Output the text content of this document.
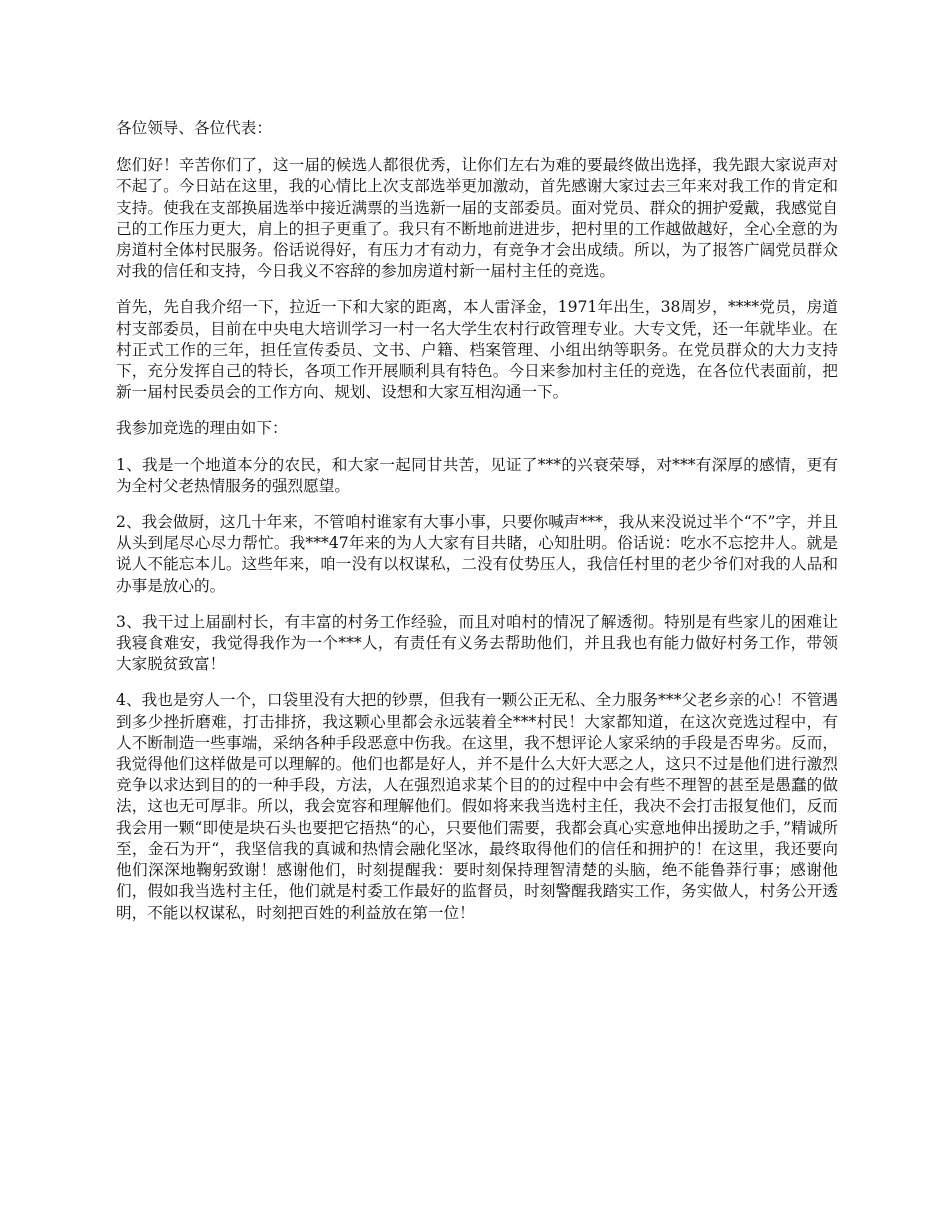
各位领导、各位代表：

您们好！辛苦你们了，这一届的候选人都很优秀，让你们左右为难的要最终做出选择，我先跟大家说声对不起了。今日站在这里，我的心情比上次支部选举更加激动，首先感谢大家过去三年来对我工作的肯定和支持。使我在支部换届选举中接近满票的当选新一届的支部委员。面对党员、群众的拥护爱戴，我感觉自己的工作压力更大，肩上的担子更重了。我只有不断地前进进步，把村里的工作越做越好，全心全意的为房道村全体村民服务。俗话说得好，有压力才有动力，有竞争才会出成绩。所以，为了报答广阔党员群众对我的信任和支持，今日我义不容辞的参加房道村新一届村主任的竞选。

首先，先自我介绍一下，拉近一下和大家的距离，本人雷泽金，1971年出生，38周岁，****党员，房道村支部委员，目前在中央电大培训学习一村一名大学生农村行政管理专业。大专文凭，还一年就毕业。在村正式工作的三年，担任宣传委员、文书、户籍、档案管理、小组出纳等职务。在党员群众的大力支持下，充分发挥自己的特长，各项工作开展顺利具有特色。今日来参加村主任的竞选，在各位代表面前，把新一届村民委员会的工作方向、规划、设想和大家互相沟通一下。

我参加竞选的理由如下：

1、我是一个地道本分的农民，和大家一起同甘共苦，见证了***的兴衰荣辱，对***有深厚的感情，更有为全村父老热情服务的强烈愿望。

2、我会做厨，这几十年来，不管咱村谁家有大事小事，只要你喊声***，我从来没说过半个“不”字，并且从头到尾尽心尽力帮忙。我***47年来的为人大家有目共睹，心知肚明。俗话说：吃水不忘挖井人。就是说人不能忘本儿。这些年来，咱一没有以权谋私，二没有仗势压人，我信任村里的老少爷们对我的人品和办事是放心的。

3、我干过上届副村长，有丰富的村务工作经验，而且对咱村的情况了解透彻。特别是有些家儿的困难让我寝食难安，我觉得我作为一个***人，有责任有义务去帮助他们，并且我也有能力做好村务工作，带领大家脱贫致富！

4、我也是穷人一个，口袋里没有大把的钞票，但我有一颗公正无私、全力服务***父老乡亲的心！不管遇到多少挫折磨难，打击排挤，我这颗心里都会永远装着全***村民！大家都知道，在这次竞选过程中，有人不断制造一些事端，采纳各种手段恶意中伤我。在这里，我不想评论人家采纳的手段是否卑劣。反而，我觉得他们这样做是可以理解的。他们也都是好人，并不是什么大奸大恶之人，这只不过是他们进行激烈竞争以求达到目的的一种手段，方法，人在强烈追求某个目的的过程中中会有些不理智的甚至是愚蠢的做法，这也无可厚非。所以，我会宽容和理解他们。假如将来我当选村主任，我决不会打击报复他们，反而我会用一颗“即使是块石头也要把它捂热“的心，只要他们需要，我都会真心实意地伸出援助之手，”精诚所至，金石为开“，我坚信我的真诚和热情会融化坚冰，最终取得他们的信任和拥护的！在这里，我还要向他们深深地鞠躬致谢！感谢他们，时刻提醒我：要时刻保持理智清楚的头脑，绝不能鲁莽行事；感谢他们，假如我当选村主任，他们就是村委工作最好的监督员，时刻警醒我踏实工作，务实做人，村务公开透明，不能以权谋私，时刻把百姓的利益放在第一位！
